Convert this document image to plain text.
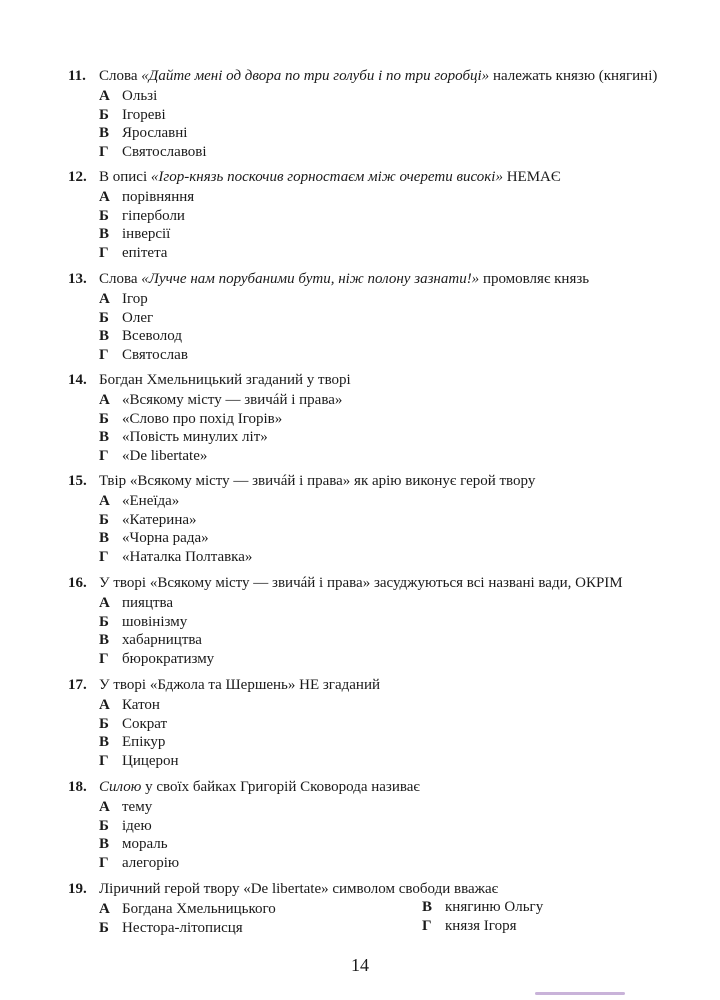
11. Слова «Дайте мені од двора по три голуби і по три горобці» належать князю (княгині)
А Ользі
Б Ігореві
В Ярославні
Г Святославові
12. В описі «Ігор-князь поскочив горностаєм між очерети високі» НЕМАЄ
А порівняння
Б гіперболи
В інверсії
Г епітета
13. Слова «Лучче нам порубаними бути, ніж полону зазнати!» промовляє князь
А Ігор
Б Олег
В Всеволод
Г Святослав
14. Богдан Хмельницький згаданий у творі
А «Всякому місту — звичáй і права»
Б «Слово про похід Ігорів»
В «Повість минулих літ»
Г «De libertate»
15. Твір «Всякому місту — звичáй і права» як арію виконує герой твору
А «Енеїда»
Б «Катерина»
В «Чорна рада»
Г «Наталка Полтавка»
16. У творі «Всякому місту — звичáй і права» засуджуються всі названі вади, ОКРІМ
А пияцтва
Б шовінізму
В хабарництва
Г бюрократизму
17. У творі «Бджола та Шершень» НЕ згаданий
А Катон
Б Сократ
В Епікур
Г Цицерон
18. Силою у своїх байках Григорій Сковорода називає
А тему
Б ідею
В мораль
Г алегорію
19. Ліричний герой твору «De libertate» символом свободи вважає
А Богдана Хмельницького	В княгиню Ольгу
Б Нестора-літописця	Г князя Ігоря
14
